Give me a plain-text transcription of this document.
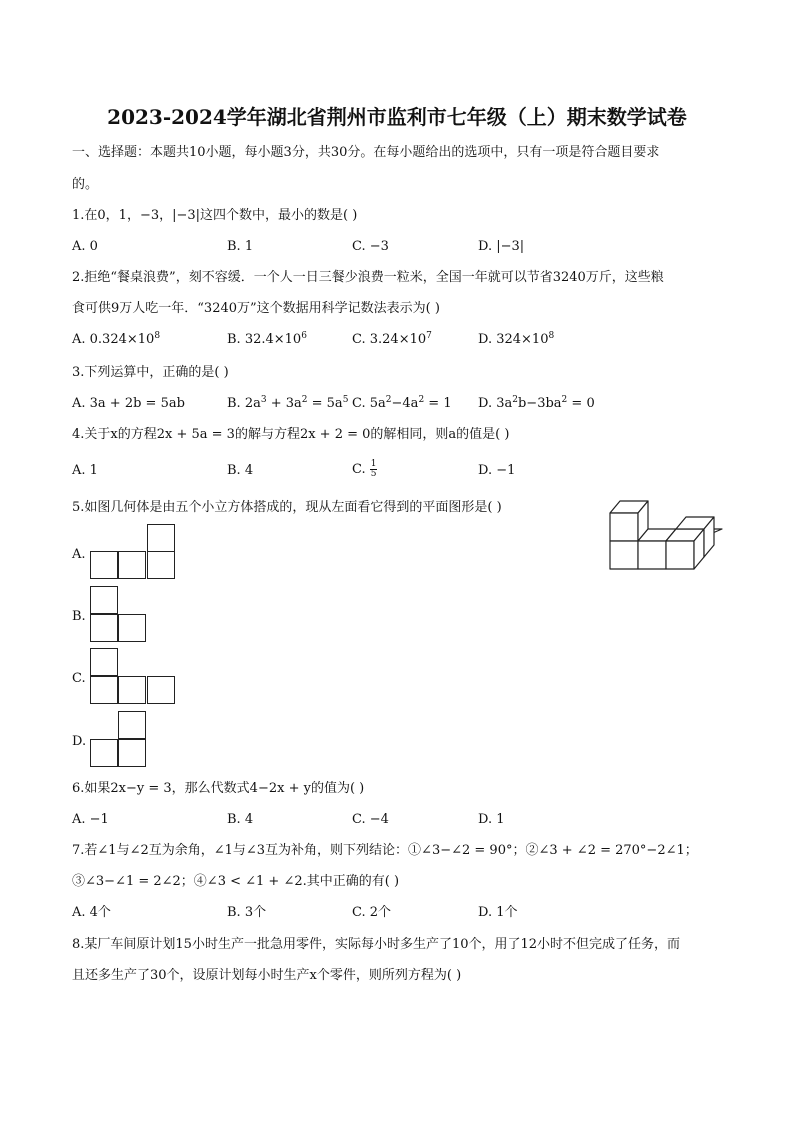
2023-2024学年湖北省荆州市监利市七年级（上）期末数学试卷
一、选择题：本题共10小题，每小题3分，共30分。在每小题给出的选项中，只有一项是符合题目要求
的。
1.在0，1，−3，|−3|这四个数中，最小的数是( )
A. 0	B. 1	C. −3	D. |−3|
2.拒绝“餐桌浪费”，刻不容缓．一个人一日三餐少浪费一粒米，全国一年就可以节省3240万斤，这些粮
食可供9万人吃一年．“3240万”这个数据用科学记数法表示为( )
A. $0.324\times 10^8$	B. $32.4\times 10^6$	C. $3.24\times 10^7$	D. $324\times 10^8$
3.下列运算中，正确的是( )
A. 3a + 2b = 5ab	B. $2a^3 + 3a^2 = 5a^5$ C. $5a^2-4a^2 = 1$ D. $3a^2b-3ba^2 = 0$
4.关于x的方程2x + 5a = 3的解与方程2x + 2 = 0的解相同，则a的值是( )
A. 1	B. 4	C. $\frac{1}{5}$	D. −1
5.如图几何体是由五个小立方体搭成的，现从左面看它得到的平面图形是( )
A.
B.
C.
D.
6.如果2x−y = 3，那么代数式4−2x + y的值为( )
A. −1	B. 4	C. −4	D. 1
7.若∠1与∠2互为余角，∠1与∠3互为补角，则下列结论：①∠3−∠2 = 90°；②∠3 + ∠2 = 270°−2∠1；
③∠3−∠1 = 2∠2；④∠3 < ∠1 + ∠2.其中正确的有( )
A. 4个	B. 3个	C. 2个	D. 1个
8.某厂车间原计划15小时生产一批急用零件，实际每小时多生产了10个，用了12小时不但完成了任务，而
且还多生产了30个，设原计划每小时生产x个零件，则所列方程为( )
